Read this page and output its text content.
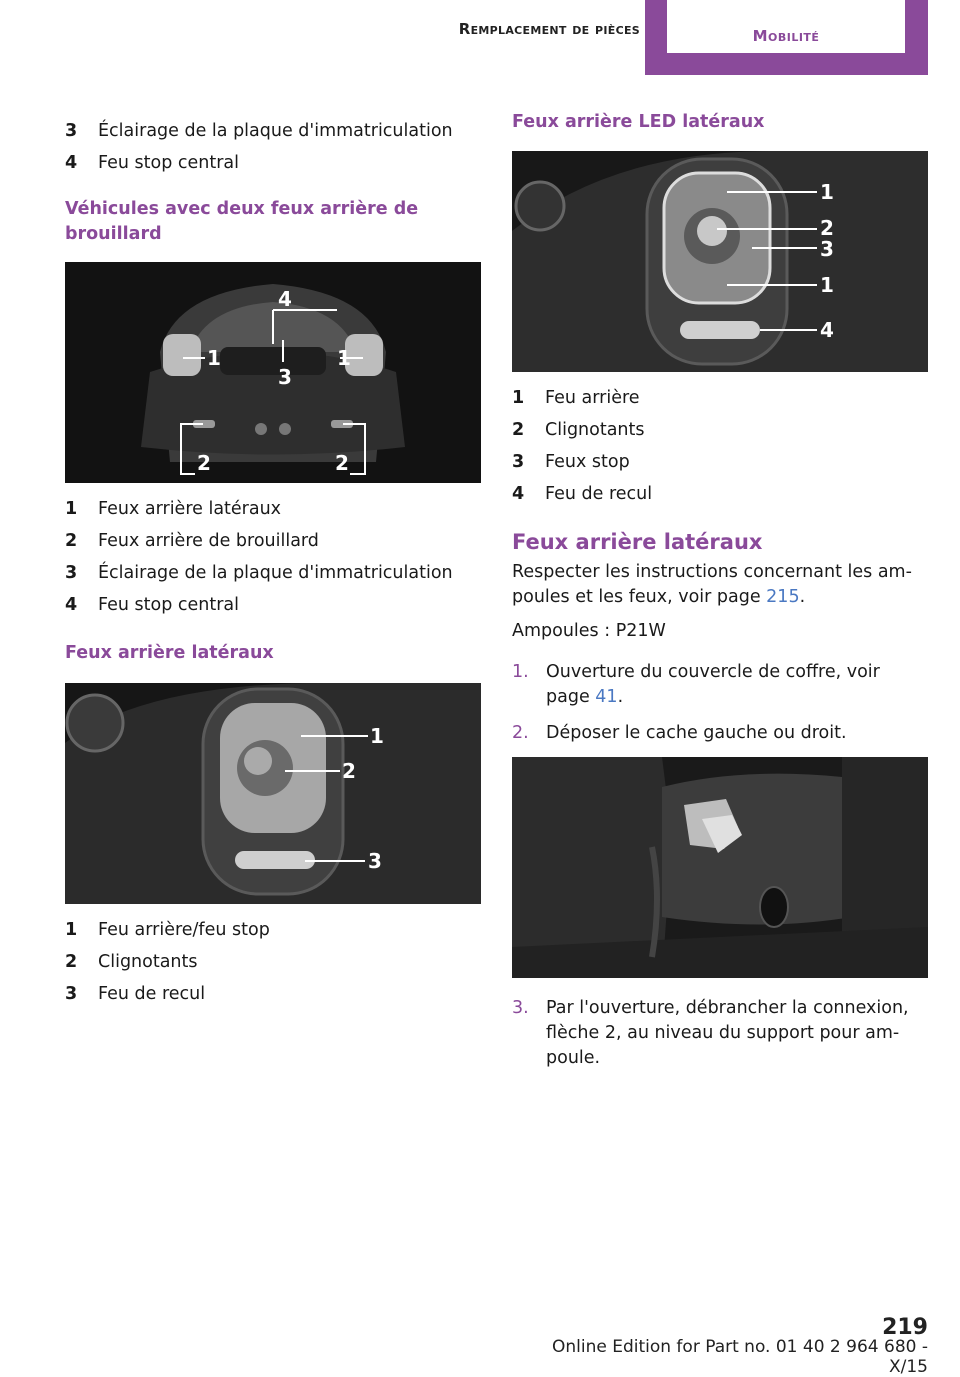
Remplacement de pièces	Mobilité
3	Éclairage de la plaque d'immatriculation
4	Feu stop central
Véhicules avec deux feux arrière de brouillard
4
1
3
1
2	2
1	Feux arrière latéraux
2	Feux arrière de brouillard
3	Éclairage de la plaque d'immatriculation
4	Feu stop central
Feux arrière latéraux
1
2
3
1	Feu arrière/feu stop
2	Clignotants
3	Feu de recul
Feux arrière LED latéraux
1
2
3
1
4
1	Feu arrière
2	Clignotants
3	Feux stop
4	Feu de recul
Feux arrière latéraux

Respecter les instructions concernant les am‐poules et les feux, voir page 215.

Ampoules : P21W

1. Ouverture du couvercle de coffre, voir page 41.
2. Déposer le cache gauche ou droit.
3. Par l'ouverture, débrancher la connexion, flèche 2, au niveau du support pour am‐poule.
219
Online Edition for Part no. 01 40 2 964 680 - X/15
